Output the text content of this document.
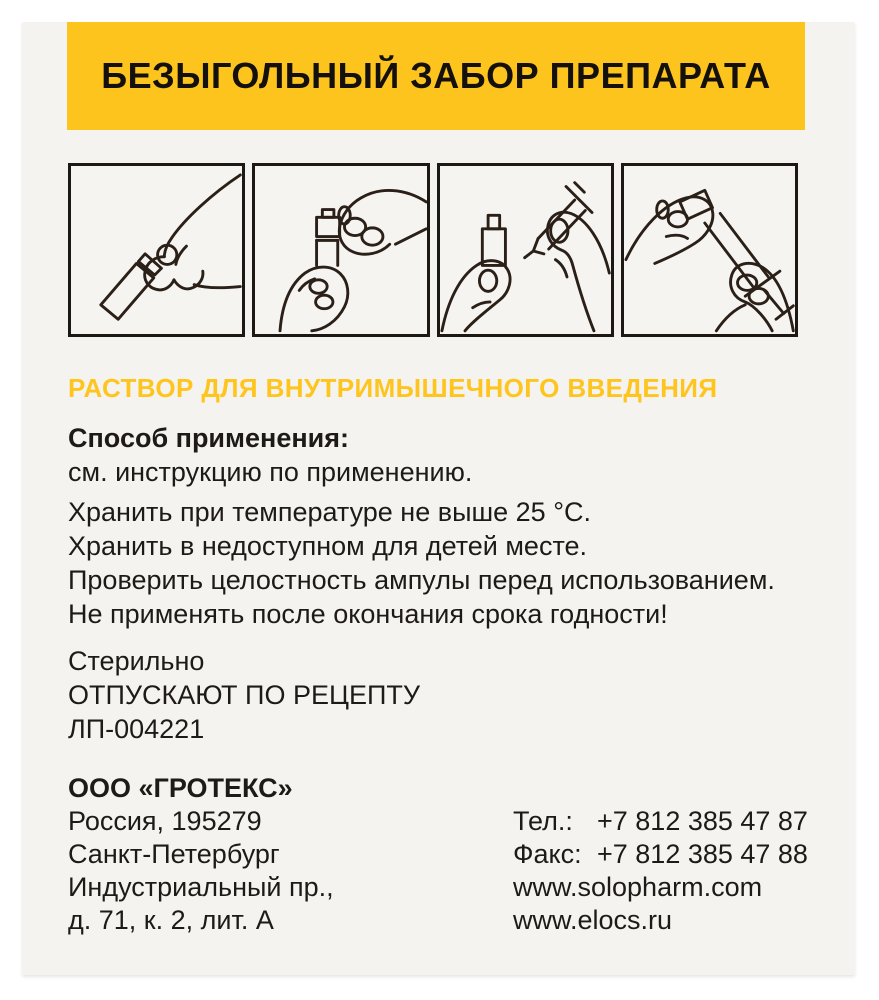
БЕЗЫГОЛЬНЫЙ ЗАБОР ПРЕПАРАТА
РАСТВОР ДЛЯ ВНУТРИМЫШЕЧНОГО ВВЕДЕНИЯ

Способ применения:

см. инструкцию по применению.

Хранить при температуре не выше 25 °C.

Хранить в недоступном для детей месте.

Проверить целостность ампулы перед использованием.

Не применять после окончания срока годности!

Стерильно

ОТПУСКАЮТ ПО РЕЦЕПТУ

ЛП-004221

ООО «ГРОТЕКС»

Россия, 195279

Санкт-Петербург

Индустриальный пр.,

д. 71, к. 2, лит. А

Тел.: +7 812 385 47 87

Факс: +7 812 385 47 88

www.solopharm.com

www.elocs.ru
